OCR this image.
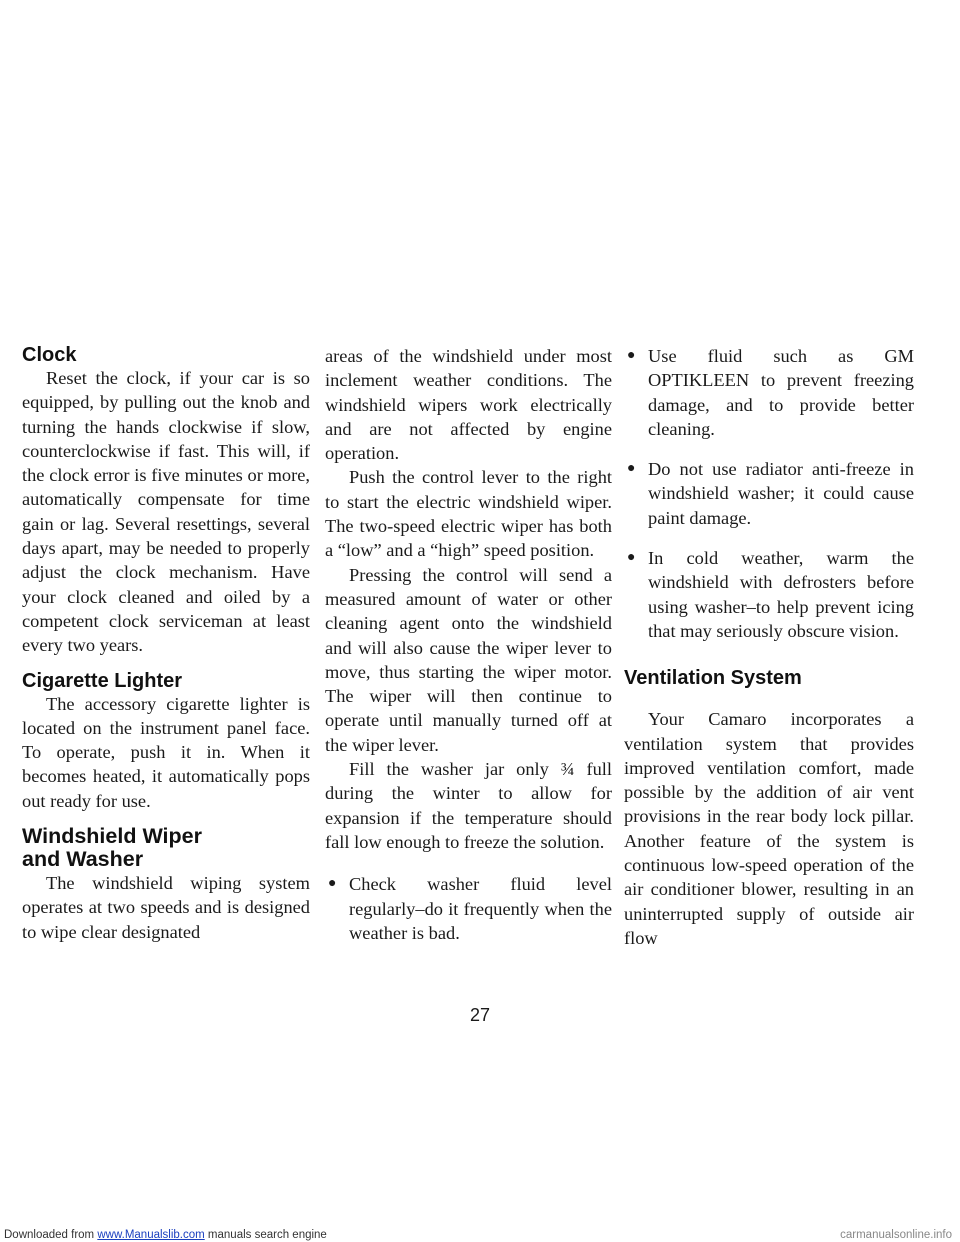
Clock

Reset the clock, if your car is so equipped, by pulling out the knob and turning the hands clockwise if slow, counterclockwise if fast. This will, if the clock error is five minutes or more, automatically compensate for time gain or lag. Several resettings, several days apart, may be needed to properly adjust the clock mechanism. Have your clock cleaned and oiled by a competent clock serviceman at least every two years.

Cigarette Lighter

The accessory cigarette lighter is located on the instrument panel face. To operate, push it in. When it becomes heated, it automatically pops out ready for use.

Windshield Wiper
and Washer

The windshield wiping system operates at two speeds and is designed to wipe clear designated

areas of the windshield under most inclement weather conditions. The windshield wipers work electrically and are not affected by engine operation.

Push the control lever to the right to start the electric windshield wiper. The two-speed electric wiper has both a “low” and a “high” speed position.

Pressing the control will send a measured amount of water or other cleaning agent onto the windshield and will also cause the wiper lever to move, thus starting the wiper motor. The wiper will then continue to operate until manually turned off at the wiper lever.

Fill the washer jar only ¾ full during the winter to allow for expansion if the temperature should fall low enough to freeze the solution.

● Check washer fluid level regularly–do it frequently when the weather is bad.
● Use fluid such as GM OPTIKLEEN to prevent freezing damage, and to provide better cleaning.
● Do not use radiator anti-freeze in windshield washer; it could cause paint damage.
● In cold weather, warm the windshield with defrosters before using washer–to help prevent icing that may seriously obscure vision.
Ventilation System

Your Camaro incorporates a ventilation system that provides improved ventilation comfort, made possible by the addition of air vent provisions in the rear body lock pillar. Another feature of the system is continuous low-speed operation of the air conditioner blower, resulting in an uninterrupted supply of outside air flow

27
Downloaded from www.Manualslib.com manuals search engine	carmanualsonline.info
